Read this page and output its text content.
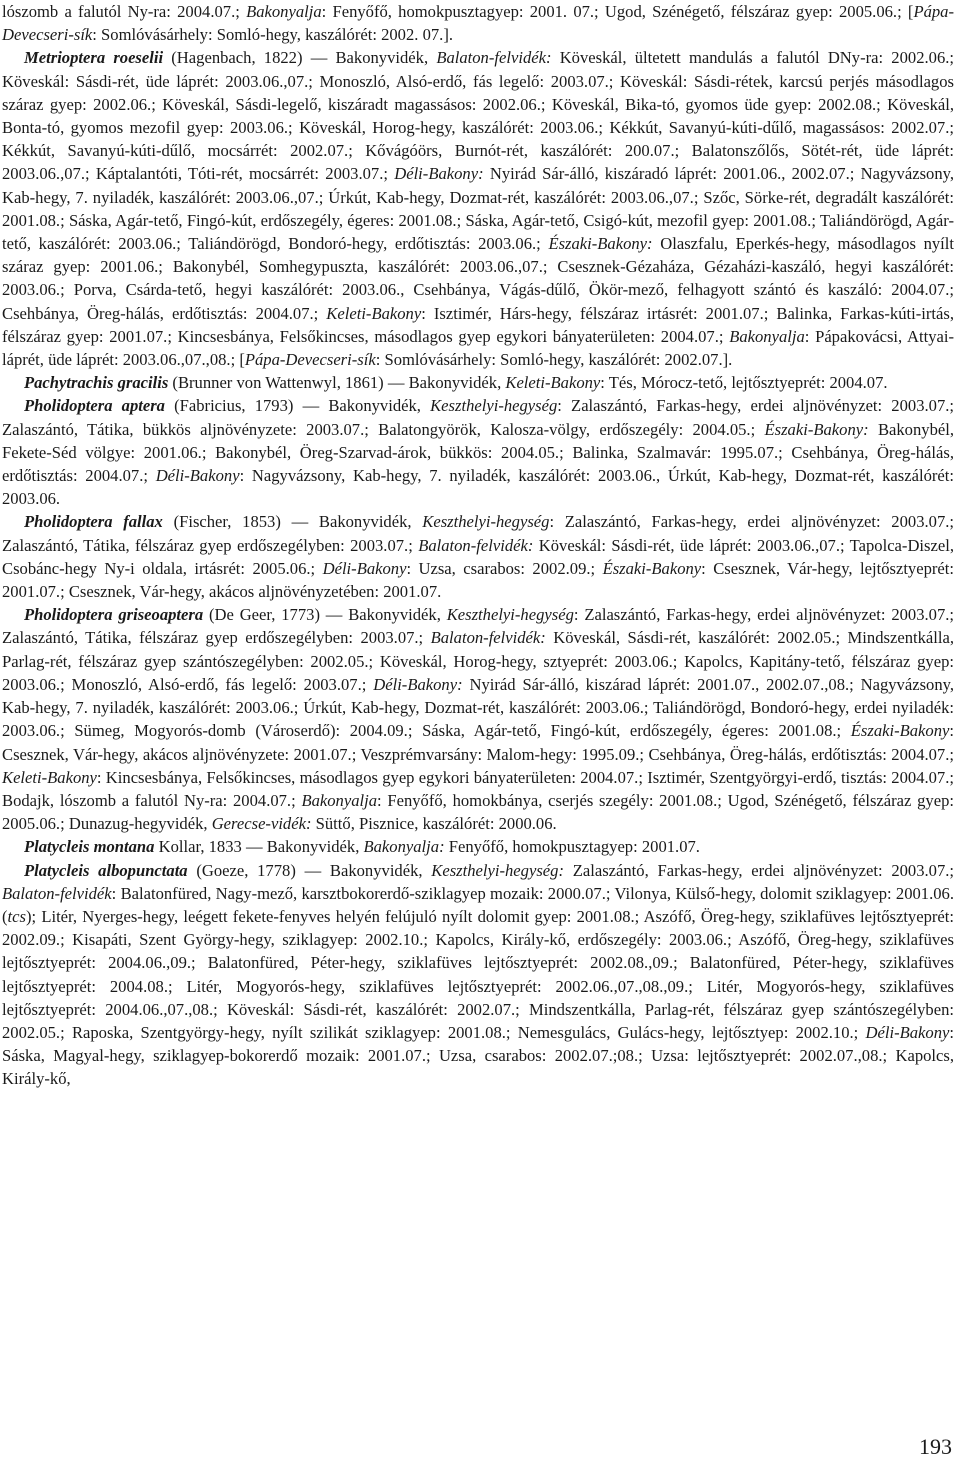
lószomb a falutól Ny-ra: 2004.07.; Bakonyalja: Fenyőfő, homokpusztagyep: 2001. 07.; Ugod, Szénégető, félszáraz gyep: 2005.06.; [Pápa-Devecseri-sík: Somlóvásárhely: Somló-hegy, kaszálórét: 2002. 07.].

Metrioptera roeselii (Hagenbach, 1822) — Bakonyvidék, Balaton-felvidék: Köveskál, ültetett mandulás a falutól DNy-ra: 2002.06.; Köveskál: Sásdi-rét, üde láprét: 2003.06.,07.; Monoszló, Alsó-erdő, fás legelő: 2003.07.; Köveskál: Sásdi-rétek, karcsú perjés másodlagos száraz gyep: 2002.06.; Köveskál, Sásdi-legelő, kiszáradt magassásos: 2002.06.; Köveskál, Bika-tó, gyomos üde gyep: 2002.08.; Köveskál, Bonta-tó, gyomos mezofil gyep: 2003.06.; Köveskál, Horog-hegy, kaszálórét: 2003.06.; Kékkút, Savanyú-kúti-dűlő, magassásos: 2002.07.; Kékkút, Savanyú-kúti-dűlő, mocsárrét: 2002.07.; Kővágóörs, Burnót-rét, kaszálórét: 200.07.; Balatonszőlős, Sötét-rét, üde láprét: 2003.06.,07.; Káptalantóti, Tóti-rét, mocsárrét: 2003.07.; Déli-Bakony: Nyirád Sár-álló, kiszáradó láprét: 2001.06., 2002.07.; Nagyvázsony, Kab-hegy, 7. nyiladék, kaszálórét: 2003.06.,07.; Úrkút, Kab-hegy, Dozmat-rét, kaszálórét: 2003.06.,07.; Szőc, Sörke-rét, degradált kaszálórét: 2001.08.; Sáska, Agár-tető, Fingó-kút, erdőszegély, égeres: 2001.08.; Sáska, Agár-tető, Csigó-kút, mezofil gyep: 2001.08.; Taliándörögd, Agár-tető, kaszálórét: 2003.06.; Taliándörögd, Bondoró-hegy, erdőtisztás: 2003.06.; Északi-Bakony: Olaszfalu, Eperkés-hegy, másodlagos nyílt száraz gyep: 2001.06.; Bakonybél, Somhegypuszta, kaszálórét: 2003.06.,07.; Csesznek-Gézaháza, Gézaházi-kaszáló, hegyi kaszálórét: 2003.06.; Porva, Csárda-tető, hegyi kaszálórét: 2003.06., Csehbánya, Vágás-dűlő, Ökör-mező, felhagyott szántó és kaszáló: 2004.07.; Csehbánya, Öreg-hálás, erdőtisztás: 2004.07.; Keleti-Bakony: Isztimér, Hárs-hegy, félszáraz irtásrét: 2001.07.; Balinka, Farkas-kúti-irtás, félszáraz gyep: 2001.07.; Kincsesbánya, Felsőkincses, másodlagos gyep egykori bányaterületen: 2004.07.; Bakonyalja: Pápakovácsi, Attyai-láprét, üde láprét: 2003.06.,07.,08.; [Pápa-Devecseri-sík: Somlóvásárhely: Somló-hegy, kaszálórét: 2002.07.].

Pachytrachis gracilis (Brunner von Wattenwyl, 1861) — Bakonyvidék, Keleti-Bakony: Tés, Mórocz-tető, lejtősztyeprét: 2004.07.

Pholidoptera aptera (Fabricius, 1793) — Bakonyvidék, Keszthelyi-hegység: Zalaszántó, Farkas-hegy, erdei aljnövényzet: 2003.07.; Zalaszántó, Tátika, bükkös aljnövényzete: 2003.07.; Balatongyörök, Kalosza-völgy, erdőszegély: 2004.05.; Északi-Bakony: Bakonybél, Fekete-Séd völgye: 2001.06.; Bakonybél, Öreg-Szarvad-árok, bükkös: 2004.05.; Balinka, Szalmavár: 1995.07.; Csehbánya, Öreg-hálás, erdőtisztás: 2004.07.; Déli-Bakony: Nagyvázsony, Kab-hegy, 7. nyiladék, kaszálórét: 2003.06., Úrkút, Kab-hegy, Dozmat-rét, kaszálórét: 2003.06.

Pholidoptera fallax (Fischer, 1853) — Bakonyvidék, Keszthelyi-hegység: Zalaszántó, Farkas-hegy, erdei aljnövényzet: 2003.07.; Zalaszántó, Tátika, félszáraz gyep erdőszegélyben: 2003.07.; Balaton-felvidék: Köveskál: Sásdi-rét, üde láprét: 2003.06.,07.; Tapolca-Diszel, Csobánc-hegy Ny-i oldala, irtásrét: 2005.06.; Déli-Bakony: Uzsa, csarabos: 2002.09.; Északi-Bakony: Csesznek, Vár-hegy, lejtősztyeprét: 2001.07.; Csesznek, Vár-hegy, akácos aljnövényzetében: 2001.07.

Pholidoptera griseoaptera (De Geer, 1773) — Bakonyvidék, Keszthelyi-hegység: Zalaszántó, Farkas-hegy, erdei aljnövényzet: 2003.07.; Zalaszántó, Tátika, félszáraz gyep erdőszegélyben: 2003.07.; Balaton-felvidék: Köveskál, Sásdi-rét, kaszálórét: 2002.05.; Mindszentkálla, Parlag-rét, félszáraz gyep szántószegélyben: 2002.05.; Köveskál, Horog-hegy, sztyeprét: 2003.06.; Kapolcs, Kapitány-tető, félszáraz gyep: 2003.06.; Monoszló, Alsó-erdő, fás legelő: 2003.07.; Déli-Bakony: Nyirád Sár-álló, kiszárad láprét: 2001.07., 2002.07.,08.; Nagyvázsony, Kab-hegy, 7. nyiladék, kaszálórét: 2003.06.; Úrkút, Kab-hegy, Dozmat-rét, kaszálórét: 2003.06.; Taliándörögd, Bondoró-hegy, erdei nyiladék: 2003.06.; Sümeg, Mogyorós-domb (Városerdő): 2004.09.; Sáska, Agár-tető, Fingó-kút, erdőszegély, égeres: 2001.08.; Északi-Bakony: Csesznek, Vár-hegy, akácos aljnövényzete: 2001.07.; Veszprémvarsány: Malom-hegy: 1995.09.; Csehbánya, Öreg-hálás, erdőtisztás: 2004.07.; Keleti-Bakony: Kincsesbánya, Felsőkincses, másodlagos gyep egykori bányaterületen: 2004.07.; Isztimér, Szentgyörgyi-erdő, tisztás: 2004.07.; Bodajk, lószomb a falutól Ny-ra: 2004.07.; Bakonyalja: Fenyőfő, homokbánya, cserjés szegély: 2001.08.; Ugod, Szénégető, félszáraz gyep: 2005.06.; Dunazug-hegyvidék, Gerecse-vidék: Süttő, Pisznice, kaszálórét: 2000.06.

Platycleis montana Kollar, 1833 — Bakonyvidék, Bakonyalja: Fenyőfő, homokpusztagyep: 2001.07.

Platycleis albopunctata (Goeze, 1778) — Bakonyvidék, Keszthelyi-hegység: Zalaszántó, Farkas-hegy, erdei aljnövényzet: 2003.07.; Balaton-felvidék: Balatonfüred, Nagy-mező, karsztbokorerdő-sziklagyep mozaik: 2000.07.; Vilonya, Külső-hegy, dolomit sziklagyep: 2001.06.(tcs); Litér, Nyerges-hegy, leégett fekete-fenyves helyén felújuló nyílt dolomit gyep: 2001.08.; Aszófő, Öreg-hegy, sziklafüves lejtősztyeprét: 2002.09.; Kisapáti, Szent György-hegy, sziklagyep: 2002.10.; Kapolcs, Király-kő, erdőszegély: 2003.06.; Aszófő, Öreg-hegy, sziklafüves lejtősztyeprét: 2004.06.,09.; Balatonfüred, Péter-hegy, sziklafüves lejtősztyeprét: 2002.08.,09.; Balatonfüred, Péter-hegy, sziklafüves lejtősztyeprét: 2004.08.; Litér, Mogyorós-hegy, sziklafüves lejtősztyeprét: 2002.06.,07.,08.,09.; Litér, Mogyorós-hegy, sziklafüves lejtősztyeprét: 2004.06.,07.,08.; Köveskál: Sásdi-rét, kaszálórét: 2002.07.; Mindszentkálla, Parlag-rét, félszáraz gyep szántószegélyben: 2002.05.; Raposka, Szentgyörgy-hegy, nyílt szilikát sziklagyep: 2001.08.; Nemesgulács, Gulács-hegy, lejtősztyep: 2002.10.; Déli-Bakony: Sáska, Magyal-hegy, sziklagyep-bokorerdő mozaik: 2001.07.; Uzsa, csarabos: 2002.07.;08.; Uzsa: lejtősztyeprét: 2002.07.,08.; Kapolcs, Király-kő,

193
